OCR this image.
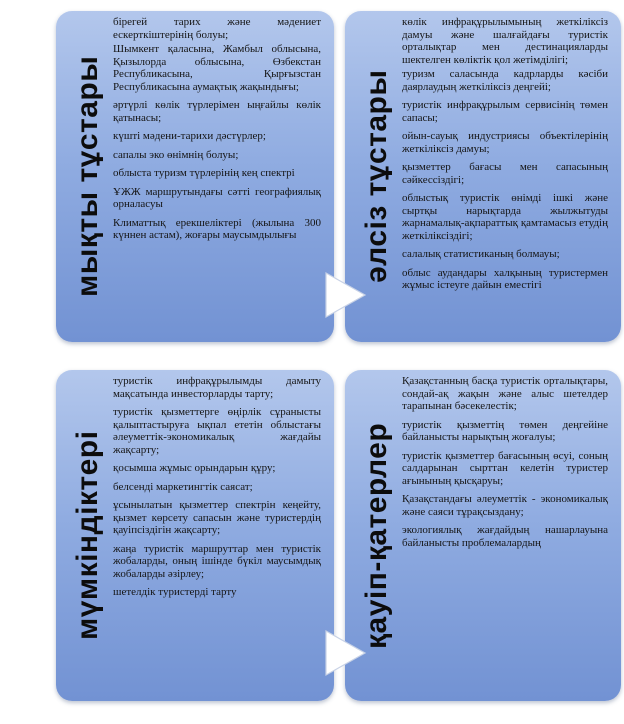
мықты тұстары

бірегей тарих және мәдениет ескерткіштерінің болуы;

Шымкент қаласына, Жамбыл облысына, Қызылорда облысына, Өзбекстан Республикасына, Қырғызстан Республикасына аумақтық жақындығы;

әртүрлі көлік түрлерімен ыңғайлы көлік қатынасы;

күшті мәдени-тарихи дәстүрлер;

сапалы эко өнімнің болуы;

облыста туризм түрлерінің кең спектрі

ҰЖЖ маршрутындағы сәтті географиялық орналасуы

Климаттық ерекшеліктері (жылына 300 күннен астам), жоғары маусымдылығы	әлсіз тұстары

көлік инфрақұрылымының жеткіліксіз дамуы және шалғайдағы туристік орталықтар мен дестинацияларды шектелген көліктік қол жетімділігі;

туризм саласында кадрларды кәсіби даярлаудың жеткіліксіз деңгейі;

туристік инфрақұрылым сервисінің төмен сапасы;

ойын-сауық индустриясы объектілерінің жеткіліксіз дамуы;

қызметтер бағасы мен сапасының сәйкессіздігі;

облыстық туристік өнімді ішкі және сыртқы нарықтарда жылжытуды жарнамалық-ақпараттық қамтамасыз етудің жеткіліксіздігі;

салалық статистиканың болмауы;

облыс аудандары халқының туристермен жұмыс істеуге дайын еместігі

мүмкіндіктері

туристік инфрақұрылымды дамыту мақсатында инвесторларды тарту;

туристік қызметтерге өңірлік сұранысты қалыптастыруға ықпал ететін облыстағы әлеуметтік-экономикалық жағдайы жақсарту;

қосымша жұмыс орындарын құру;

белсенді маркетингтік саясат;

ұсынылатын қызметтер спектрін кеңейту, қызмет көрсету сапасын және туристердің қауіпсіздігін жақсарту;

жаңа туристік маршруттар мен туристік жобаларды, оның ішінде бүкіл маусымдық жобаларды әзірлеу;

шетелдік туристерді тарту	қауіп-қатерлер

Қазақстанның басқа туристік орталықтары, сондай-ақ жақын және алыс шетелдер тарапынан бәсекелестік;

туристік қызметтің төмен деңгейіне байланысты нарықтың жоғалуы;

туристік қызметтер бағасының өсуі, соның салдарынан сырттан келетін туристер ағынының қысқаруы;

Қазақстандағы әлеуметтік - экономикалық және саяси тұрақсыздану;

экологиялық жағдайдың нашарлауына байланысты проблемалардың
